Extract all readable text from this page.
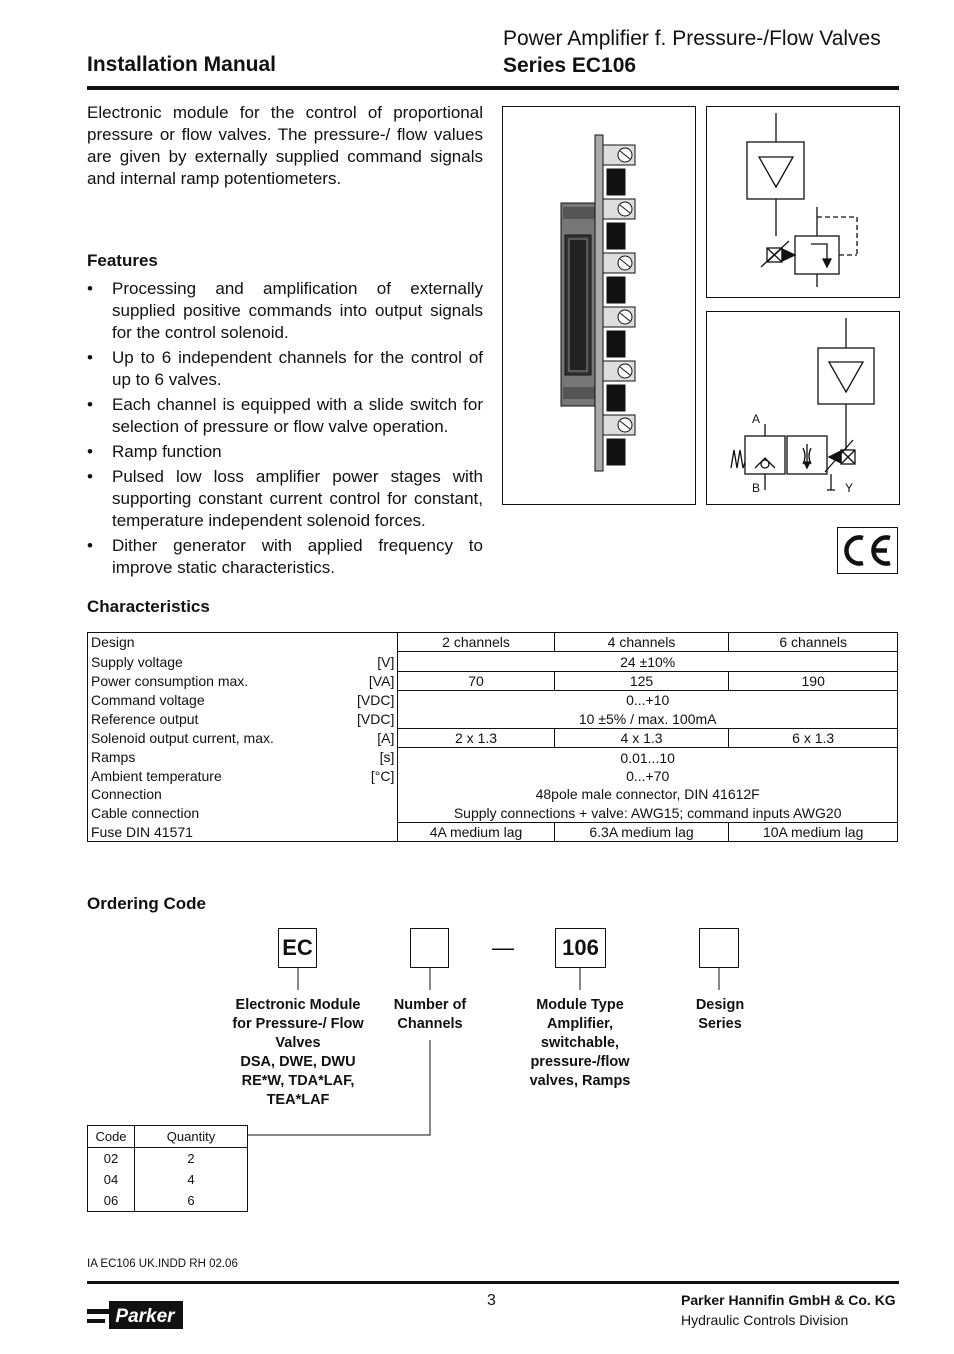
Installation Manual
Power Amplifier f. Pressure-/Flow Valves
Series EC106
Electronic module for the control of proportional pressure or flow valves. The pressure-/ flow values are given by externally supplied command signals and internal ramp potentiometers.
Features
• Processing and amplification of externally supplied positive commands into output signals for the control solenoid.
• Up to 6 independent channels for the control of up to 6 valves.
• Each channel is equipped with a slide switch for selection of pressure or flow valve operation.
• Ramp function
• Pulsed low loss amplifier power stages with supporting constant current control for constant, temperature independent solenoid forces.
• Dither generator with applied frequency to improve static characteristics.
A
B	Y
Characteristics
Design		2 channels	4 channels	6 channels
Supply voltage	[V]	24 ±10%		
Power consumption max.	[VA]	70	125	190
Command voltage	[VDC]	0...+10		
Reference output	[VDC]	10 ±5% / max. 100mA		
Solenoid output current, max.	[A]	2 x 1.3	4 x 1.3	6 x 1.3
Ramps	[s]	0.01...10		
Ambient temperature	[°C]	0...+70		
Connection		48pole male connector, DIN 41612F		
Cable connection		Supply connections + valve: AWG15; command inputs AWG20		
Fuse DIN 41571		4A medium lag	6.3A medium lag	10A medium lag
Ordering Code
EC	—	106
Electronic Module
for Pressure-/ Flow
Valves
DSA, DWE, DWU
RE*W, TDA*LAF,
TEA*LAF
Number of
Channels
Module Type
Amplifier,
switchable,
pressure-/flow
valves, Ramps
Design
Series
Code	Quantity
02	2
04	4
06	6
IA EC106 UK.INDD RH 02.06
3	Parker Hannifin GmbH & Co. KG
Hydraulic Controls Division
Parker
